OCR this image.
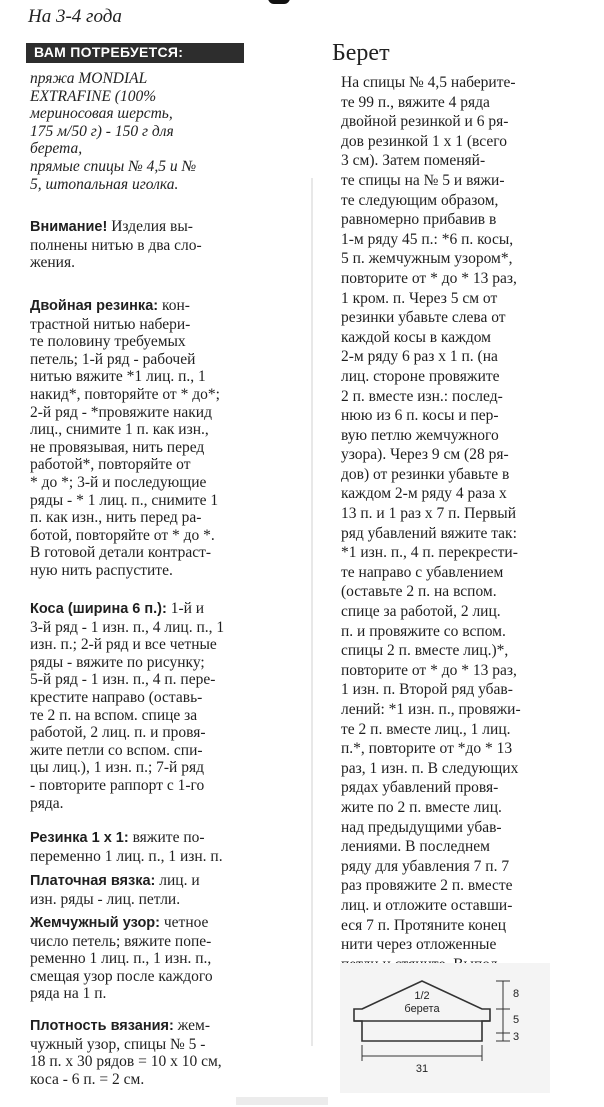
На 3-4 года
ВАМ ПОТРЕБУЕТСЯ:
пряжа MONDIAL
EXTRAFINE (100%
мериносовая шерсть,
175 м/50 г) - 150 г для
берета,
прямые спицы № 4,5 и №
5, штопальная иголка.
Внимание! Изделия вы-
полнены нитью в два сло-
жения.
Двойная резинка: кон-
трастной нитью набери-
те половину требуемых
петель; 1-й ряд - рабочей
нитью вяжите *1 лиц. п., 1
накид*, повторяйте от * до*;
2-й ряд - *провяжите накид
лиц., снимите 1 п. как изн.,
не провязывая, нить перед
работой*, повторяйте от
* до *; 3-й и последующие
ряды - * 1 лиц. п., снимите 1
п. как изн., нить перед ра-
ботой, повторяйте от * до *.
В готовой детали контраст-
ную нить распустите.
Коса (ширина 6 п.): 1-й и
3-й ряд - 1 изн. п., 4 лиц. п., 1
изн. п.; 2-й ряд и все четные
ряды - вяжите по рисунку;
5-й ряд - 1 изн. п., 4 п. пере-
крестите направо (оставь-
те 2 п. на вспом. спице за
работой, 2 лиц. п. и провя-
жите петли со вспом. спи-
цы лиц.), 1 изн. п.; 7-й ряд
- повторите раппорт с 1-го
ряда.
Резинка 1 х 1: вяжите по-
переменно 1 лиц. п., 1 изн. п.
Платочная вязка: лиц. и
изн. ряды - лиц. петли.
Жемчужный узор: четное
число петель; вяжите попе-
ременно 1 лиц. п., 1 изн. п.,
смещая узор после каждого
ряда на 1 п.
Плотность вязания: жем-
чужный узор, спицы № 5 -
18 п. х 30 рядов = 10 х 10 см,
коса - 6 п. = 2 см.
Берет
На спицы № 4,5 наберите-
те 99 п., вяжите 4 ряда
двойной резинкой и 6 ря-
дов резинкой 1 х 1 (всего
3 см). Затем поменяй-
те спицы на № 5 и вяжи-
те следующим образом,
равномерно прибавив в
1-м ряду 45 п.: *6 п. косы,
5 п. жемчужным узором*,
повторите от * до * 13 раз,
1 кром. п. Через 5 см от
резинки убавьте слева от
каждой косы в каждом
2-м ряду 6 раз х 1 п. (на
лиц. стороне провяжите
2 п. вместе изн.: послед-
нюю из 6 п. косы и пер-
вую петлю жемчужного
узора). Через 9 см (28 ря-
дов) от резинки убавьте в
каждом 2-м ряду 4 раза х
13 п. и 1 раз х 7 п. Первый
ряд убавлений вяжите так:
*1 изн. п., 4 п. перекрести-
те направо с убавлением
(оставьте 2 п. на вспом.
спице за работой, 2 лиц.
п. и провяжите со вспом.
спицы 2 п. вместе лиц.)*,
повторите от * до * 13 раз,
1 изн. п. Второй ряд убав-
лений: *1 изн. п., провяжи-
те 2 п. вместе лиц., 1 лиц.
п.*, повторите от *до * 13
раз, 1 изн. п. В следующих
рядах убавлений провя-
жите по 2 п. вместе лиц.
над предыдущими убав-
лениями. В последнем
ряду для убавления 7 п. 7
раз провяжите 2 п. вместе
лиц. и отложите оставши-
еся 7 п. Протяните конец
нити через отложенные
1/2
берета
8
5
3
31
